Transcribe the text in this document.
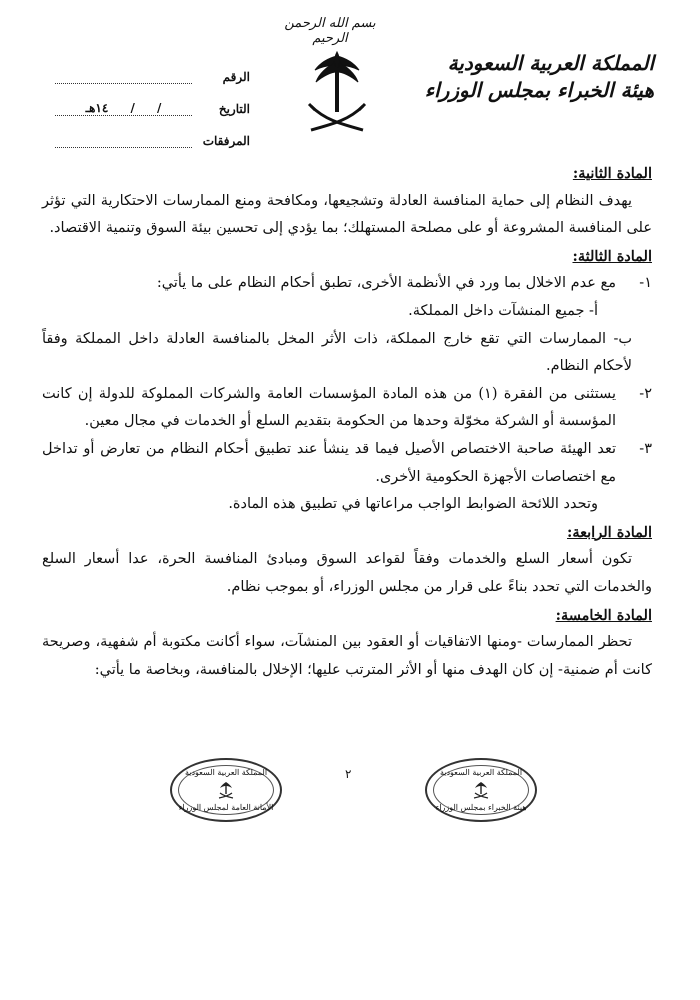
بسم الله الرحمن الرحيم
المملكة العربية السعودية
هيئة الخبراء بمجلس الوزراء
الرقم
التاريخ
/ / ١٤هـ
المرفقات
المادة الثانية:
يهدف النظام إلى حماية المنافسة العادلة وتشجيعها، ومكافحة ومنع الممارسات الاحتكارية التي تؤثر على المنافسة المشروعة أو على مصلحة المستهلك؛ بما يؤدي إلى تحسين بيئة السوق وتنمية الاقتصاد.
المادة الثالثة:
١-
مع عدم الاخلال بما ورد في الأنظمة الأخرى، تطبق أحكام النظام على ما يأتي:
أ- جميع المنشآت داخل المملكة.
ب- الممارسات التي تقع خارج المملكة، ذات الأثر المخل بالمنافسة العادلة داخل المملكة وفقاً لأحكام النظام.
٢-
يستثنى من الفقرة (١) من هذه المادة المؤسسات العامة والشركات المملوكة للدولة إن كانت المؤسسة أو الشركة مخوّلة وحدها من الحكومة بتقديم السلع أو الخدمات في مجال معين.
٣-
تعد الهيئة صاحبة الاختصاص الأصيل فيما قد ينشأ عند تطبيق أحكام النظام من تعارض أو تداخل مع اختصاصات الأجهزة الحكومية الأخرى.
وتحدد اللائحة الضوابط الواجب مراعاتها في تطبيق هذه المادة.
المادة الرابعة:
تكون أسعار السلع والخدمات وفقاً لقواعد السوق ومبادئ المنافسة الحرة، عدا أسعار السلع والخدمات التي تحدد بناءً على قرار من مجلس الوزراء، أو بموجب نظام.
المادة الخامسة:
تحظر الممارسات -ومنها الاتفاقيات أو العقود بين المنشآت، سواء أكانت مكتوبة أم شفهية، وصريحة كانت أم ضمنية- إن كان الهدف منها أو الأثر المترتب عليها؛ الإخلال بالمنافسة، وبخاصة ما يأتي:
٢
المملكة العربية السعودية
الأمانة العامة لمجلس الوزراء
المملكة العربية السعودية
هيئة الخبراء بمجلس الوزراء
